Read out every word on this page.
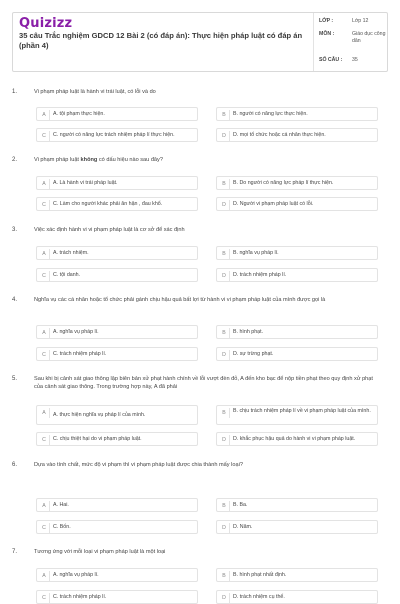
Quizizz
35 câu Trắc nghiệm GDCD 12 Bài 2 (có đáp án): Thực hiện pháp luật có đáp án (phần 4)
LỚP :	Lớp 12
MÔN :	Giáo dục công dân
SỐ CÂU : 35
1.	Vi phạm pháp luật là hành vi trái luật, có lỗi và do
A	A. tội phạm thực hiện.	B	B. người có năng lực thực hiện.
C	C. người có năng lực trách nhiệm pháp lí thực hiện.	D	D. mọi tổ chức hoặc cá nhân thực hiện.
2.	Vi phạm pháp luật không có dấu hiệu nào sau đây?
A	A. Là hành vi trái pháp luật.	B	B. Do người có năng lực pháp lí thực hiện.
C	C. Làm cho người khác phải ăn hận , đau khổ.	D	D. Người vi phạm pháp luật có lỗi.
3.	Việc xác định hành vi vi phạm pháp luật là cơ sở để xác định
A	A. trách nhiệm.	B	B. nghĩa vụ pháp lí.
C	C. tội danh.	D	D. trách nhiệm pháp lí.
4.	Nghĩa vụ các cá nhân hoặc tổ chức phải gánh chịu hậu quả bất lợi từ hành vi vi phạm pháp luật của mình được gọi là
A	A. nghĩa vụ pháp lí.	B	B. hình phạt.
C	C. trách nhiệm pháp lí.	D	D. sự trừng phạt.
5.	Sau khi bị cảnh sát giao thông lập biên bản xử phạt hành chính về lỗi vượt đèn đỏ, A đến kho bạc để nộp tiền phạt theo quy định xử phạt của cảnh sát giao thông. Trong trường hợp này, A đã phải
A	A. thực hiện nghĩa vụ pháp lí của mình.	B	B. chịu trách nhiệm pháp lí về vi phạm pháp luật của mình.
C	C. chịu thiệt hại do vi phạm pháp luật.	D	D. khắc phục hậu quả do hành vi vi phạm pháp luật.
6.	Dựa vào tính chất, mức độ vi phạm thì vi phạm pháp luật được chia thành mấy loại?
A	A. Hai.	B	B. Ba.
C	C. Bốn.	D	D. Năm.
7.	Tương ứng với mỗi loại vi phạm pháp luật là một loại
A	A. nghĩa vụ pháp lí.	B	B. hình phạt nhất định.
C	C. trách nhiệm pháp lí.	D	D. trách nhiệm cụ thể.
